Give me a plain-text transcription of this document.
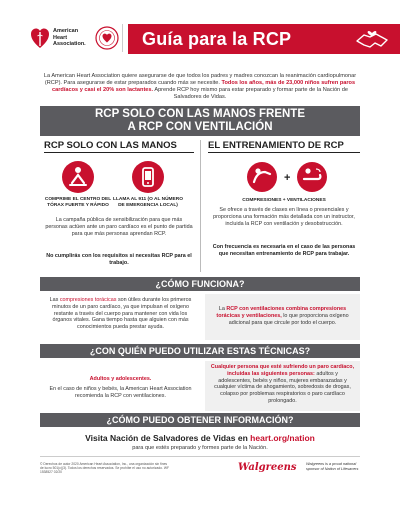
American
Heart
Association.	Guía para la RCP
La American Heart Association quiere asegurarse de que todos los padres y madres conozcan la reanimación cardiopulmonar (RCP). Para asegurarse de estar preparados cuando más se necesite. Todos los años, más de 23,000 niños sufren paros cardíacos y casi el 20% son lactantes. Aprende RCP hoy mismo para estar preparado y formar parte de la Nación de Salvadores de Vidas.
RCP SOLO CON LAS MANOS FRENTE
A RCP CON VENTILACIÓN
RCP SOLO CON LAS MANOS	EL ENTRENAMIENTO DE RCP
COMPRIME EL CENTRO DEL TÓRAX FUERTE Y RÁPIDO
LLAMA AL 911 (O AL NÚMERO DE EMERGENCIA LOCAL)
La campaña pública de sensibilización para que más personas actúen ante un paro cardíaco es el punto de partida para que más personas aprendan RCP.
No cumplirás con los requisitos si necesitas RCP para el trabajo.
+
COMPRESIONES + VENTILACIONES
Se ofrece a través de clases en línea o presenciales y proporciona una formación más detallada con un instructor, incluida la RCP con ventilación y desobstrucción.
Con frecuencia es necesaria en el caso de las personas que necesitan entrenamiento de RCP para trabajar.
¿CÓMO FUNCIONA?
Las compresiones torácicas son útiles durante los primeros minutos de un paro cardíaco, ya que impulsan el oxígeno restante a través del cuerpo para mantener con vida los órganos vitales. Gana tiempo hasta que alguien con más conocimientos pueda prestar ayuda.
La RCP con ventilaciones combina compresiones torácicas y ventilaciones, lo que proporciona oxígeno adicional para que circule por todo el cuerpo.
¿CON QUIÉN PUEDO UTILIZAR ESTAS TÉCNICAS?
Adultos y adolescentes.
En el caso de niños y bebés, la American Heart Association recomienda la RCP con ventilaciones.
Cualquier persona que esté sufriendo un paro cardíaco, incluidas las siguientes personas: adultos y adolescentes, bebés y niños, mujeres embarazadas y cualquier víctima de ahogamiento, sobredosis de drogas, colapso por problemas respiratorios o paro cardíaco prolongado.
¿CÓMO PUEDO OBTENER INFORMACIÓN?
Visita Nación de Salvadores de Vidas en heart.org/nation
para que estés preparado y formes parte de la Nación.
© Derechos de autor 2020 American Heart Association, Inc., una organización sin fines de lucro 501(c)(3). Todos los derechos reservados. Se prohíbe el uso no autorizado. WF 1538527 02/20	Walgreens Walgreens is a proud national sponsor of Nation of Lifesavers
